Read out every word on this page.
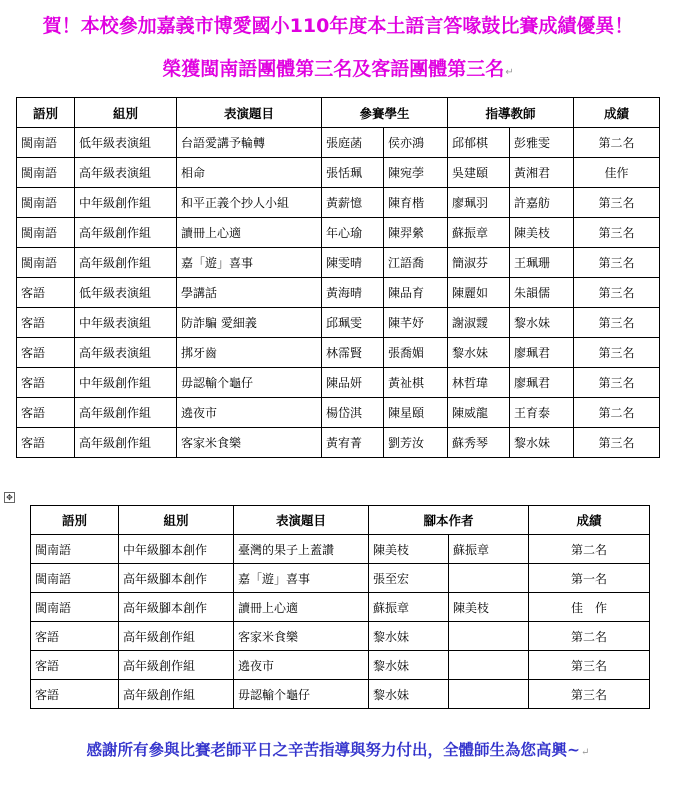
賀！本校參加嘉義市博愛國小110年度本土語言答喙鼓比賽成績優異！
榮獲閩南語團體第三名及客語團體第三名↵
語別	組別	表演題目	參賽學生		指導教師		成績
閩南語	低年級表演組	台語愛講予輪轉	張庭菡	侯亦鴻	邱郁棋	彭雅雯	第二名
閩南語	高年級表演組	相命	張恬珮	陳宛荸	吳建頤	黃湘君	佳作
閩南語	中年級創作組	和平正義个抄人小組	黃薪憶	陳育楷	廖珮羽	許嘉舫	第三名
閩南語	高年級創作組	讀冊上心適	年心瑜	陳羿縈	蘇振章	陳美枝	第三名
閩南語	高年級創作組	嘉「遊」喜事	陳雯晴	江語喬	簡淑芬	王珮珊	第三名
客語	低年級表演組	學講話	黃海晴	陳品育	陳麗如	朱韻儒	第三名
客語	中年級表演組	防詐騙 愛細義	邱珮雯	陳芊妤	謝淑靉	黎水妹	第三名
客語	高年級表演組	挷牙齒	林霈賢	張喬媚	黎水妹	廖珮君	第三名
客語	中年級創作組	毋認輸个龜仔	陳品妍	黃祉棋	林哲瑋	廖珮君	第三名
客語	高年級創作組	遶夜市	楊岱淇	陳星頤	陳威龍	王育泰	第二名
客語	高年級創作組	客家米食樂	黃宥菁	劉芳汝	蘇秀琴	黎水妹	第三名
✥
語別	組別	表演題目	腳本作者		成績
閩南語	中年級腳本創作	臺灣的果子上蓋讚	陳美枝	蘇振章	第二名
閩南語	高年級腳本創作	嘉「遊」喜事	張至宏		第一名
閩南語	高年級腳本創作	讀冊上心適	蘇振章	陳美枝	佳　作
客語	高年級創作組	客家米食樂	黎水妹		第二名
客語	高年級創作組	遶夜市	黎水妹		第三名
客語	高年級創作組	毋認輸个龜仔	黎水妹		第三名
感謝所有參與比賽老師平日之辛苦指導與努力付出，全體師生為您高興~↵
